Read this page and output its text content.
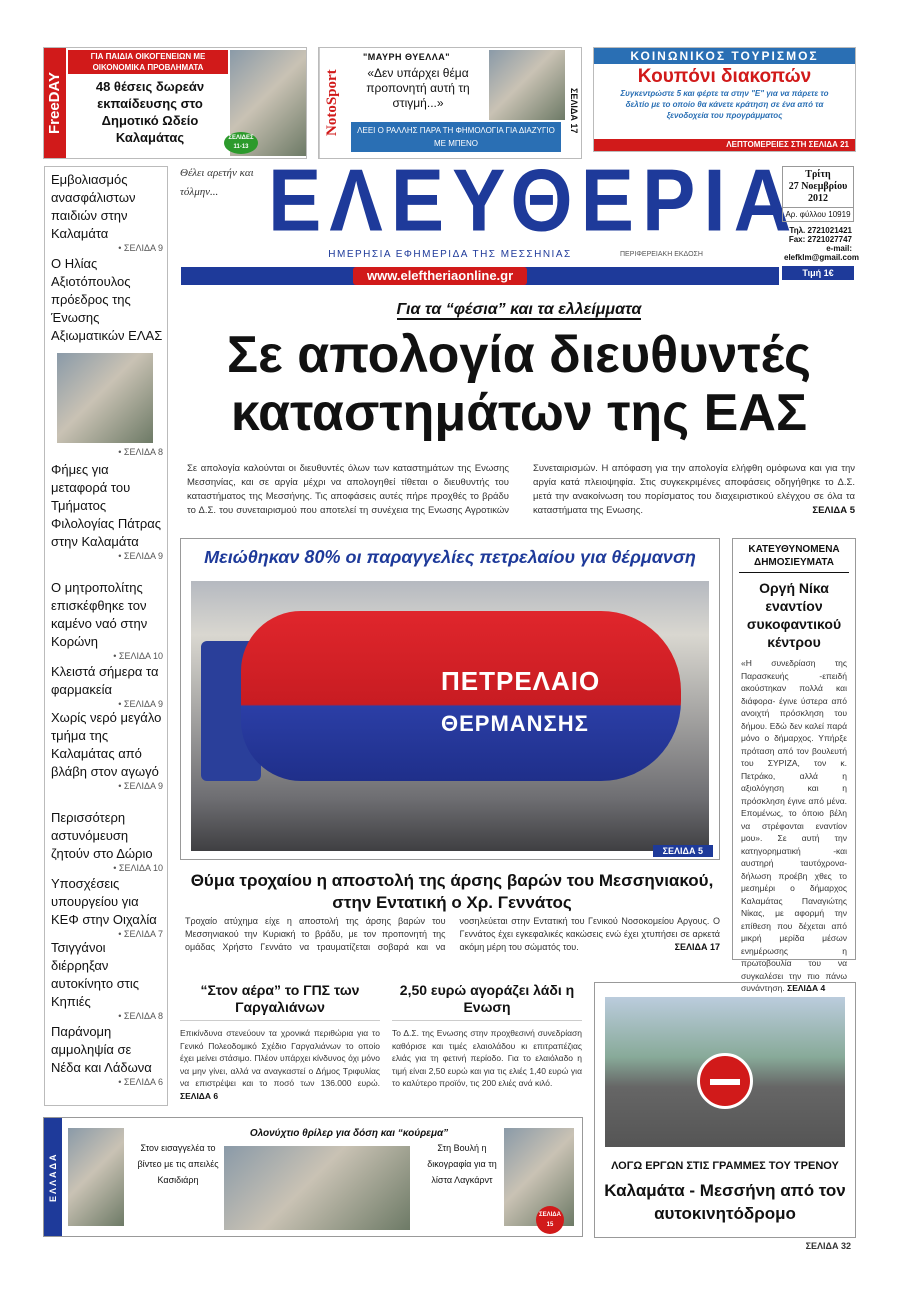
FreeDAY
ΓΙΑ ΠΑΙΔΙΑ ΟΙΚΟΓΕΝΕΙΩΝ ΜΕ ΟΙΚΟΝΟΜΙΚΑ ΠΡΟΒΛΗΜΑΤΑ
48 θέσεις δωρεάν εκπαίδευσης στο Δημοτικό Ωδείο Καλαμάτας	ΣΕΛΙΔΕΣ 11-13
NotoSport
"ΜΑΥΡΗ ΘΥΕΛΛΑ"
«Δεν υπάρχει θέμα προπονητή αυτή τη στιγμή...»
ΛΕΕΙ Ο ΡΑΛΛΗΣ ΠΑΡΑ ΤΗ ΦΗΜΟΛΟΓΙΑ ΓΙΑ ΔΙΑΖΥΓΙΟ ΜΕ ΜΠΕΝΟ
ΣΕΛΙΔΑ 17
ΚΟΙΝΩΝΙΚΟΣ ΤΟΥΡΙΣΜΟΣ
Κουπόνι διακοπών
Συγκεντρώστε 5 και φέρτε τα στην "Ε" για να πάρετε το δελτίο με το οποίο θα κάνετε κράτηση σε ένα από τα ξενοδοχεία του προγράμματος
ΛΕΠΤΟΜΕΡΕΙΕΣ ΣΤΗ ΣΕΛΙΔΑ 21
Θέλει αρετήν και τόλμην... ΕΛΕΥΘΕΡΙΑ
ΗΜΕΡΗΣΙΑ ΕΦΗΜΕΡΙΔΑ ΤΗΣ ΜΕΣΣΗΝΙΑΣ	ΠΕΡΙΦΕΡΕΙΑΚΗ ΕΚΔΟΣΗ
www.eleftheriaonline.gr
Τρίτη
27 Νοεμβρίου
2012
Αρ. φύλλου 10919
Τηλ. 2721021421
Fax: 2721027747
e-mail:
elefklm@gmail.com
Τιμή 1€
Εμβολιασμός ανασφάλιστων παιδιών στην Καλαμάτα
• ΣΕΛΙΔΑ 9
Ο Ηλίας Αξιοτόπουλος πρόεδρος της Ένωσης Αξιωματικών ΕΛΑΣ
• ΣΕΛΙΔΑ 8
Φήμες για μεταφορά του Τμήματος Φιλολογίας Πάτρας στην Καλαμάτα
• ΣΕΛΙΔΑ 9
Ο μητροπολίτης επισκέφθηκε τον καμένο ναό στην Κορώνη
• ΣΕΛΙΔΑ 10
Κλειστά σήμερα τα φαρμακεία
• ΣΕΛΙΔΑ 9
Χωρίς νερό μεγάλο τμήμα της Καλαμάτας από βλάβη στον αγωγό
• ΣΕΛΙΔΑ 9
Περισσότερη αστυνόμευση ζητούν στο Δώριο
• ΣΕΛΙΔΑ 10
Υποσχέσεις υπουργείου για ΚΕΦ στην Οιχαλία
• ΣΕΛΙΔΑ 7
Τσιγγάνοι διέρρηξαν αυτοκίνητο στις Κηπιές
• ΣΕΛΙΔΑ 8
Παράνομη αμμοληψία σε Νέδα και Λάδωνα
• ΣΕΛΙΔΑ 6
Για τα “φέσια” και τα ελλείμματα
Σε απολογία διευθυντές καταστημάτων της ΕΑΣ
Σε απολογία καλούνται οι διευθυντές όλων των καταστημάτων της Ενωσης Μεσσηνίας, και σε αργία μέχρι να απολογηθεί τίθεται ο διευθυντής του καταστήματος της Μεσσήνης. Τις αποφάσεις αυτές πήρε προχθές το βράδυ το Δ.Σ. του συνεταιρισμού που αποτελεί τη συνέχεια της Ενωσης Αγροτικών Συνεταιρισμών. Η απόφαση για την απολογία ελήφθη ομόφωνα και για την αργία κατά πλειοψηφία. Στις συγκεκριμένες αποφάσεις οδηγήθηκε το Δ.Σ. μετά την ανακοίνωση του πορίσματος του διαχειριστικού ελέγχου σε όλα τα καταστήματα της Ενωσης.	ΣΕΛΙΔΑ 5
Μειώθηκαν 80% οι παραγγελίες πετρελαίου για θέρμανση
ΠΕΤΡΕΛΑΙΟ
ΘΕΡΜΑΝΣΗΣ
ΣΕΛΙΔΑ 5
ΚΑΤΕΥΘΥΝΟΜΕΝΑ ΔΗΜΟΣΙΕΥΜΑΤΑ
Οργή Νίκα εναντίον συκοφαντικού κέντρου
«Η συνεδρίαση της Παρασκευής -επειδή ακούστηκαν πολλά και διάφορα- έγινε ύστερα από ανοιχτή πρόσκληση του δήμου. Εδώ δεν καλεί παρά μόνο ο δήμαρχος. Υπήρξε πρόταση από τον βουλευτή του ΣΥΡΙΖΑ, τον κ. Πετράκο, αλλά η αξιολόγηση και η πρόσκληση έγινε από μένα. Επομένως, το όποιο βέλη να στρέφονται εναντίον μου». Σε αυτή την κατηγορηματική -και αυστηρή ταυτόχρονα- δήλωση προέβη χθες το μεσημέρι ο δήμαρχος Καλαμάτας Παναγιώτης Νίκας, με αφορμή την επίθεση που δέχεται από μικρή μερίδα μέσων ενημέρωσης η πρωτοβουλία του να συγκαλέσει την πιο πάνω συνάντηση. ΣΕΛΙΔΑ 4
Θύμα τροχαίου η αποστολή της άρσης βαρών του Μεσσηνιακού, στην Εντατική ο Χρ. Γεννάτος
Τροχαίο ατύχημα είχε η αποστολή της άρσης βαρών του Μεσσηνιακού την Κυριακή το βράδυ, με τον προπονητή της ομάδας Χρήστο Γεννάτο να τραυματίζεται σοβαρά και να νοσηλεύεται στην Εντατική του Γενικού Νοσοκομείου Αργους. Ο Γεννάτος έχει εγκεφαλικές κακώσεις ενώ έχει χτυπήσει σε αρκετά ακόμη μέρη του σώματός του.	ΣΕΛΙΔΑ 17
“Στον αέρα” το ΓΠΣ των Γαργαλιάνων
Επικίνδυνα στενεύουν τα χρονικά περιθώρια για το Γενικό Πολεοδομικό Σχέδιο Γαργαλιάνων το οποίο έχει μείνει στάσιμο. Πλέον υπάρχει κίνδυνος όχι μόνο να μην γίνει, αλλά να αναγκαστεί ο Δήμος Τριφυλίας να επιστρέψει και το ποσό των 136.000 ευρώ. ΣΕΛΙΔΑ 6
2,50 ευρώ αγοράζει λάδι η Ενωση
Το Δ.Σ. της Ενωσης στην προχθεσινή συνεδρίαση καθόρισε και τιμές ελαιολάδου κι επιτραπέζιας ελιάς για τη φετινή περίοδο. Για το ελαιόλαδο η τιμή είναι 2,50 ευρώ και για τις ελιές 1,40 ευρώ για το καλύτερο προϊόν, τις 200 ελιές ανά κιλό.
ΛΟΓΩ ΕΡΓΩΝ ΣΤΙΣ ΓΡΑΜΜΕΣ ΤΟΥ ΤΡΕΝΟΥ
Καλαμάτα - Μεσσήνη από τον αυτοκινητόδρομο
ΣΕΛΙΔΑ 32
ΕΛΛΑΔΑ
Στον εισαγγελέα το βίντεο με τις απειλές Κασιδιάρη
Ολονύχτιο θρίλερ για δόση και “κούρεμα”
Στη Βουλή η δικογραφία για τη λίστα Λαγκάρντ
ΣΕΛΙΔΑ 15
